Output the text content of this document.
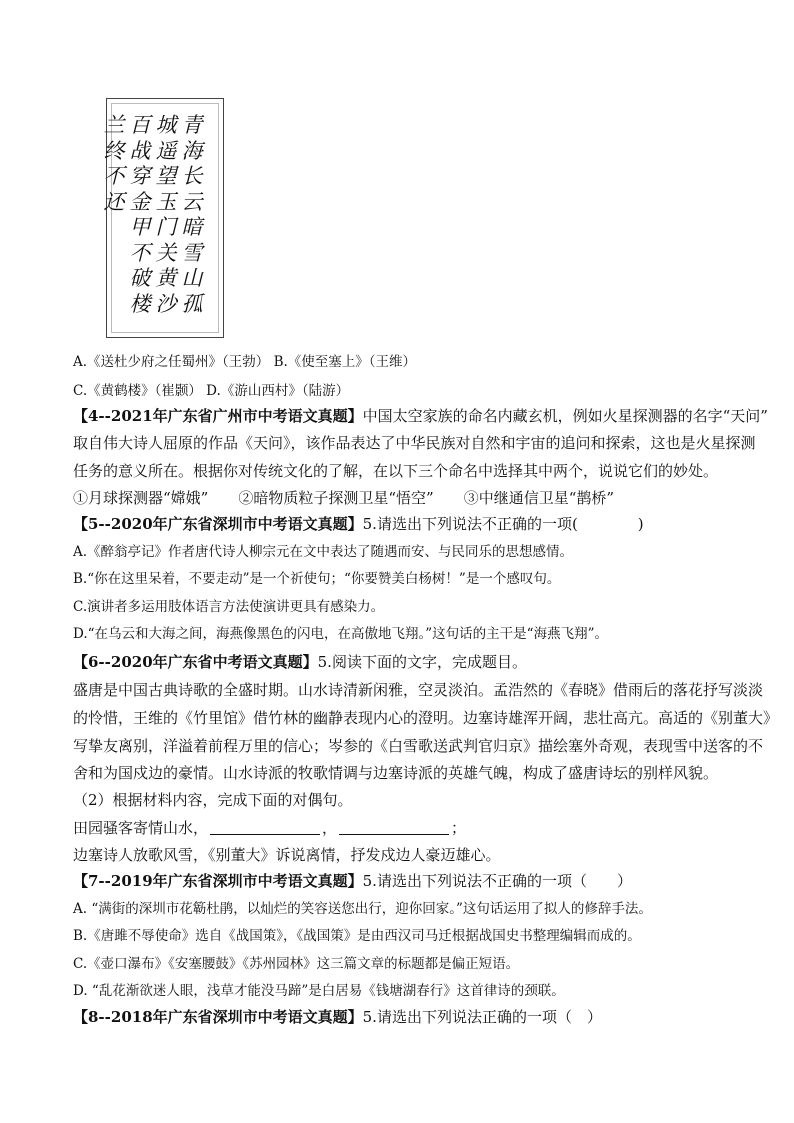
青
海
长
云
暗
雪
山
孤
城
遥
望
玉
门
关
黄
沙
百
战
穿
金
甲
不
破
楼
兰
终
不
还
A.《送杜少府之任蜀州》（王勃） B.《使至塞上》（王维）
C.《黄鹤楼》（崔颢） D.《游山西村》（陆游）
【4--2021年广东省广州市中考语文真题】中国太空家族的命名内藏玄机，例如火星探测器的名字“天问”
取自伟大诗人屈原的作品《天问》，该作品表达了中华民族对自然和宇宙的追问和探索，这也是火星探测
任务的意义所在。根据你对传统文化的了解，在以下三个命名中选择其中两个，说说它们的妙处。
①月球探测器“嫦娥” ②暗物质粒子探测卫星“悟空” ③中继通信卫星“鹊桥”
【5--2020年广东省深圳市中考语文真题】5.请选出下列说法不正确的一项(　　　　)
A.《醉翁亭记》作者唐代诗人柳宗元在文中表达了随遇而安、与民同乐的思想感情。
B.“你在这里呆着，不要走动”是一个祈使句；“你要赞美白杨树！”是一个感叹句。
C.演讲者多运用肢体语言方法使演讲更具有感染力。
D.“在乌云和大海之间，海燕像黑色的闪电，在高傲地飞翔。”这句话的主干是“海燕飞翔”。
【6--2020年广东省中考语文真题】5.阅读下面的文字，完成题目。
盛唐是中国古典诗歌的全盛时期。山水诗清新闲雅，空灵淡泊。孟浩然的《春晓》借雨后的落花抒写淡淡
的怜惜，王维的《竹里馆》借竹林的幽静表现内心的澄明。边塞诗雄浑开阔，悲壮高亢。高适的《别董大》
写挚友离别，洋溢着前程万里的信心；岑参的《白雪歌送武判官归京》描绘塞外奇观，表现雪中送客的不
舍和为国戍边的豪情。山水诗派的牧歌情调与边塞诗派的英雄气魄，构成了盛唐诗坛的别样风貌。
（2）根据材料内容，完成下面的对偶句。
田园骚客寄情山水，	，	；
边塞诗人放歌风雪，《别董大》诉说离情，抒发戍边人豪迈雄心。
【7--2019年广东省深圳市中考语文真题】5.请选出下列说法不正确的一项（　　）
A. “满街的深圳市花簕杜鹃，以灿烂的笑容送您出行，迎你回家。”这句话运用了拟人的修辞手法。
B.《唐雎不辱使命》选自《战国策》，《战国策》是由西汉司马迁根据战国史书整理编辑而成的。
C.《壶口瀑布》《安塞腰鼓》《苏州园林》这三篇文章的标题都是偏正短语。
D. “乱花渐欲迷人眼，浅草才能没马蹄”是白居易《钱塘湖春行》这首律诗的颈联。
【8--2018年广东省深圳市中考语文真题】5.请选出下列说法正确的一项（　）
